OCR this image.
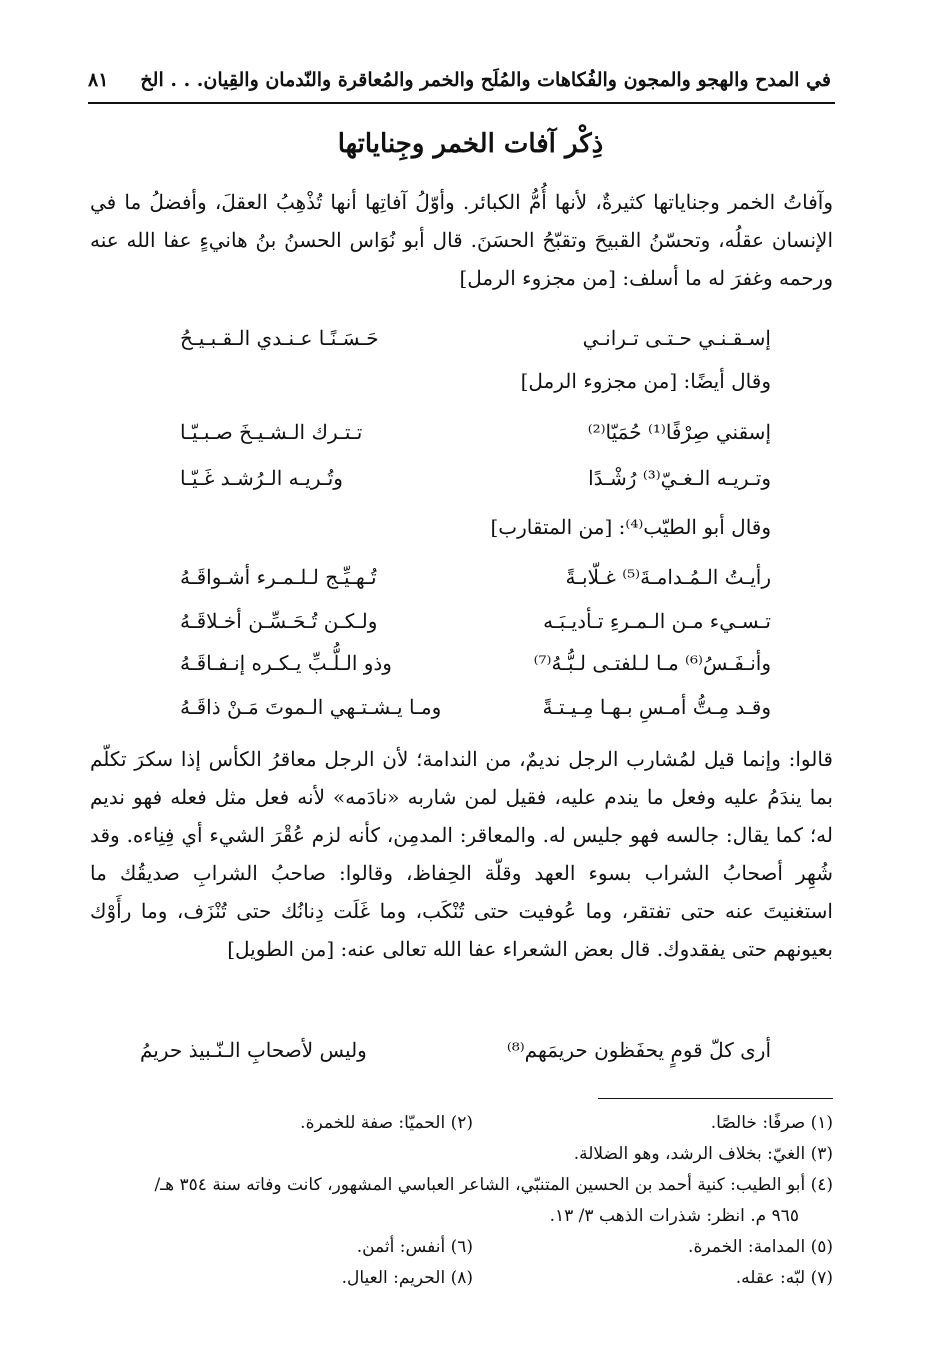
في المدح والهجو والمجون والفُكاهات والمُلَح والخمر والمُعاقرة والنّدمان والقِيان. . . الخ
٨١
ذِكْر آفات الخمر وجِناياتها

وآفاتُ الخمر وجناياتها كثيرةٌ، لأنها أُمُّ الكبائر. وأوّلُ آفاتِها أنها تُذْهِبُ العقلَ، وأفضلُ ما في الإنسان عقلُه، وتحسّنُ القبيحَ وتقبّحُ الحسَنَ. قال أبو نُوَاس الحسنُ بنُ هانيءٍ عفا الله عنه ورحمه وغفرَ له ما أسلف: [من مجزوء الرمل]

إسـقـنـي حـتـى تـرانـي
حَـسَـنًـا عـنـدي الـقـبـيـحُ
وقال أيضًا: [من مجزوء الرمل]
إسقني صِرْفًا⁽¹⁾ حُمَيّا⁽²⁾
تـتـرك الـشـيـخَ صـبـيّـا
وتـريـه الـغـيّ⁽³⁾ رُشْـدًا
وتُـريـه الـرُشـد غَـيّـا
وقال أبو الطيّب⁽⁴⁾: [من المتقارب]
رأيـتُ الـمُـدامـةَ⁽⁵⁾ غـلّابـةً
تُـهـيِّـج لـلـمـرء أشـواقَـهُ
تـسـيء مـن الـمـرءِ تـأديـبَـه
ولـكـن تُـحَـسِّـن أخـلاقَـهُ
وأنـفَـسُ⁽⁶⁾ مـا لـلفتـى لـبُّـهُ⁽⁷⁾
وذو الـلُّـبِّ يـكـره إنـفـاقَـهُ
وقـد مِـتُّ أمـسِ بـهـا مِـيـتـةً
ومـا يـشـتـهي الـموتَ مَـنْ ذاقَـهُ

قالوا: وإنما قيل لمُشارب الرجل نديمٌ، من الندامة؛ لأن الرجل معاقرُ الكأس إذا سكرَ تكلّم بما يندَمُ عليه وفعل ما يندم عليه، فقيل لمن شاربه «نادَمه» لأنه فعل مثل فعله فهو نديم له؛ كما يقال: جالسه فهو جليس له. والمعاقر: المدمِن، كأنه لزم عُقْرَ الشيء أي فِنِاءه. وقد شُهِر أصحابُ الشراب بسوء العهد وقلّة الحِفاظ، وقالوا: صاحبُ الشرابِ صديقُك ما استغنيتَ عنه حتى تفتقر، وما عُوفيت حتى تُنْكَب، وما غَلَت دِنانُك حتى تُنْزَف، وما رأَوْك بعيونهم حتى يفقدوك. قال بعض الشعراء عفا الله تعالى عنه: [من الطويل]

أرى كلّ قومٍ يحفَظون حريمَهم⁽⁸⁾
وليس لأصحابِ الـنّـبيذ حريمُ
(١) صرفًا: خالصًا.
(٢) الحميّا: صفة للخمرة.
(٣) الغيّ: بخلاف الرشد، وهو الضلالة.
(٤) أبو الطيب: كنية أحمد بن الحسين المتنبّي، الشاعر العباسي المشهور، كانت وفاته سنة ٣٥٤ هـ/
٩٦٥ م. انظر: شذرات الذهب ٣/ ١٣.
(٥) المدامة: الخمرة.
(٦) أنفس: أثمن.
(٧) لبّه: عقله.
(٨) الحريم: العيال.
